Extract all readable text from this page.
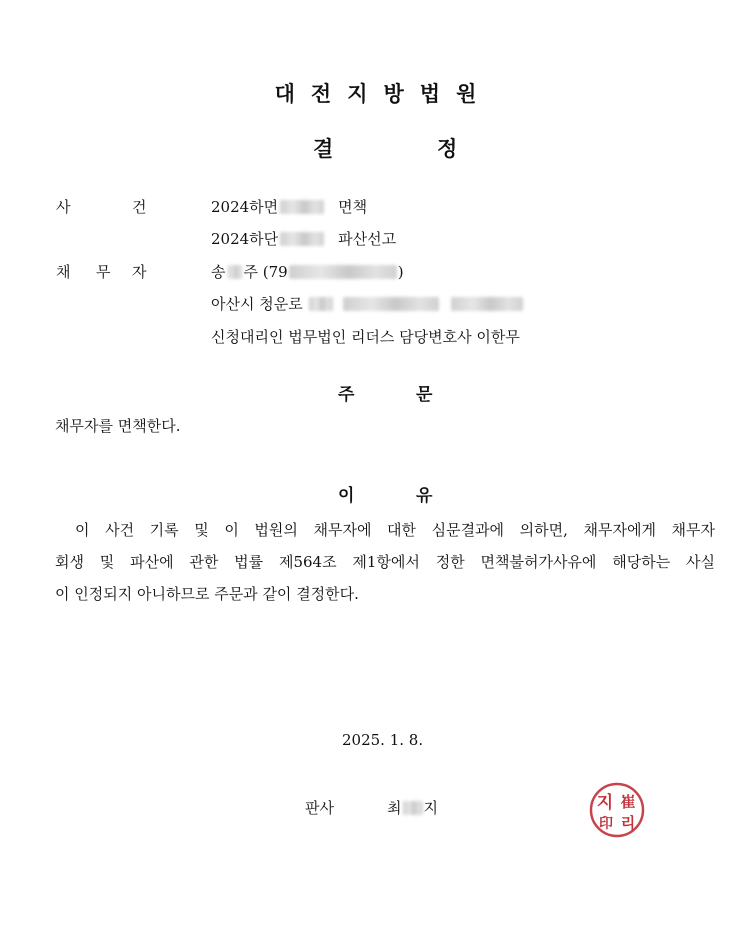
대전지방법원
결	정
사	건	2024하면	면책
2024하단	파산선고
채 무 자	송 주 (79	)
아산시 청운로
신청대리인 법무법인 리더스 담당변호사 이한무
주	문
채무자를 면책한다.
이	유
이 사건 기록 및 이 법원의 채무자에 대한 심문결과에 의하면, 채무자에게 채무자
회생 및 파산에 관한 법률 제564조 제1항에서 정한 면책불허가사유에 해당하는 사실
이 인정되지 아니하므로 주문과 같이 결정한다.
2025. 1. 8.
판사	최 지	지 崔
印 리
